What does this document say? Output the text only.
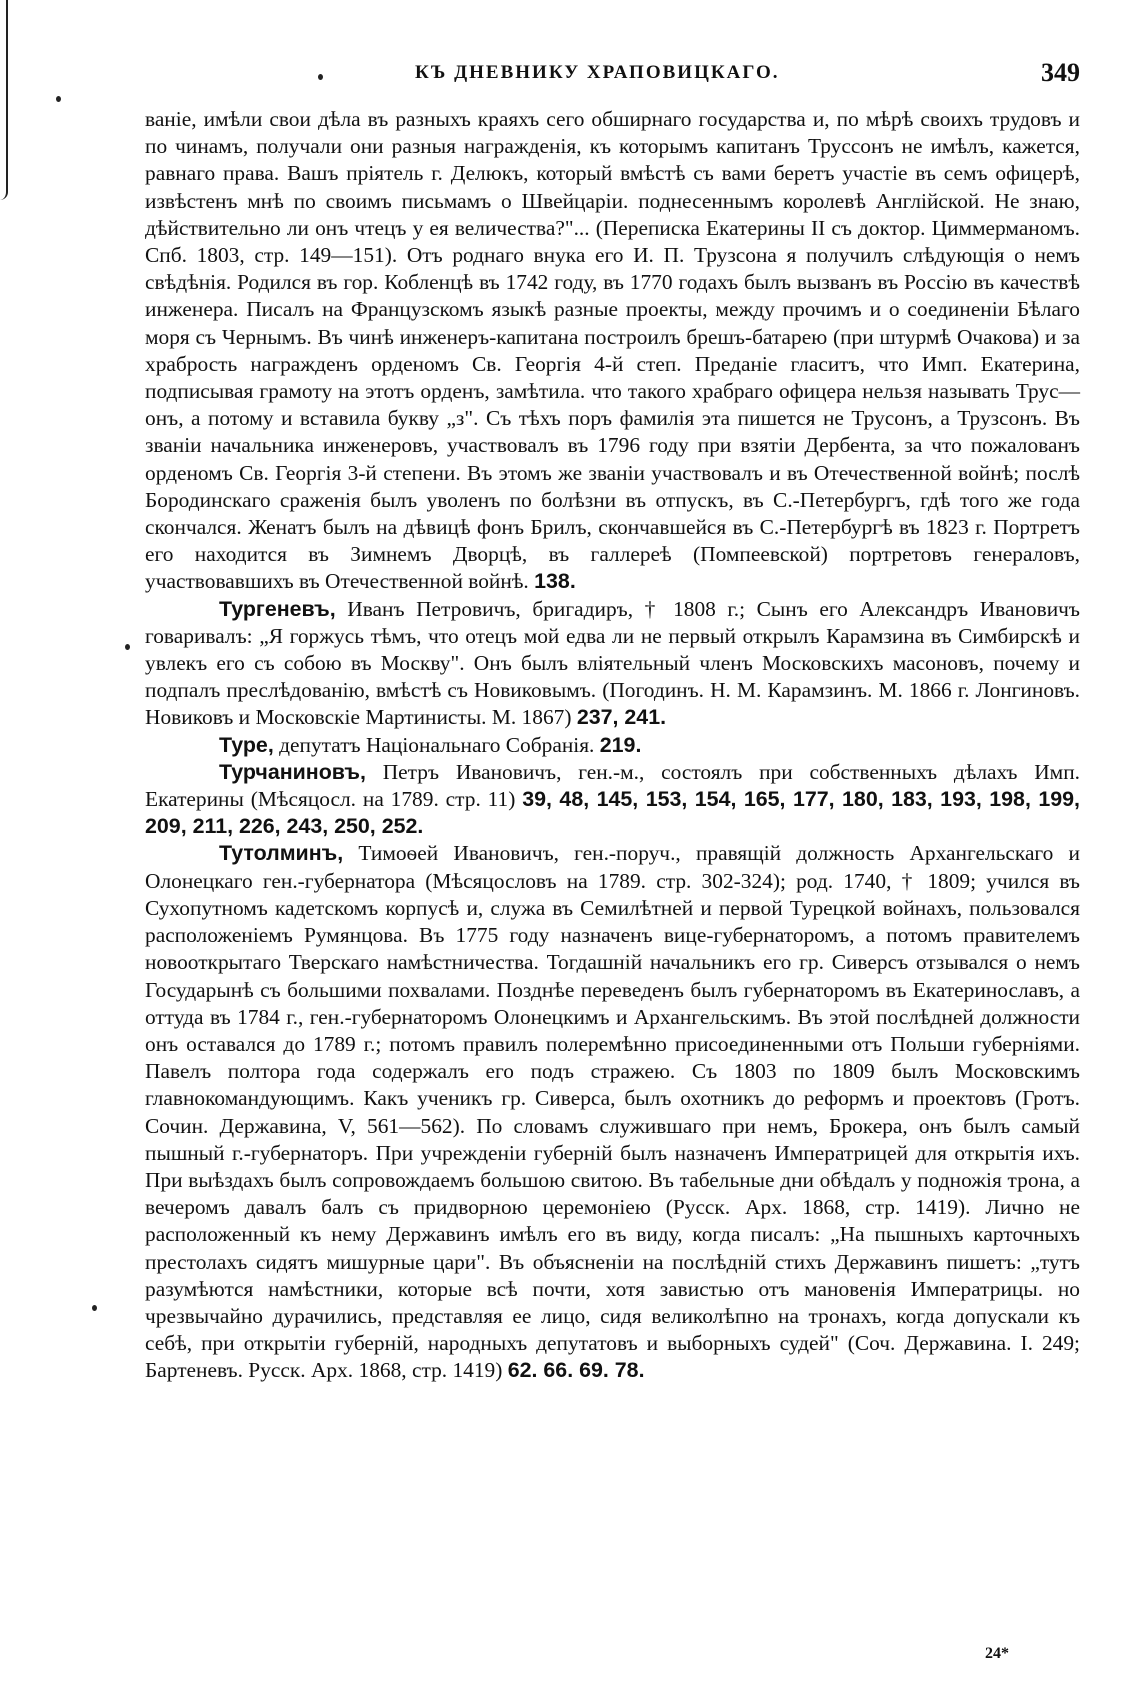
КЪ ДНЕВНИКУ ХРАПОВИЦКАГО.	349

ваніе, имѣли свои дѣла въ разныхъ краяхъ сего обширнаго государства и, по мѣрѣ своихъ трудовъ и по чинамъ, получали они разныя награжденія, къ которымъ капитанъ Труссонъ не имѣлъ, кажется, равнаго права. Вашъ пріятель г. Делюкъ, который вмѣстѣ съ вами беретъ участіе въ семъ офицерѣ, извѣстенъ мнѣ по своимъ письмамъ о Швейцаріи. поднесеннымъ королевѣ Англійской. Не знаю, дѣйствительно ли онъ чтецъ у ея величества?"... (Переписка Екатерины II съ доктор. Циммерманомъ. Спб. 1803, стр. 149—151). Отъ роднаго внука его И. П. Трузсона я получилъ слѣдующія о немъ свѣдѣнія. Родился въ гор. Кобленцѣ въ 1742 году, въ 1770 годахъ былъ вызванъ въ Россію въ качествѣ инженера. Писалъ на Французскомъ языкѣ разные проекты, между прочимъ и о соединеніи Бѣлаго моря съ Чернымъ. Въ чинѣ инженеръ-капитана построилъ брешъ-батарею (при штурмѣ Очакова) и за храбрость награжденъ орденомъ Св. Георгія 4-й степ. Преданіе гласитъ, что Имп. Екатерина, подписывая грамоту на этотъ орденъ, замѣтила. что такого храбраго офицера нельзя называть Трус—онъ, а потому и вставила букву „з". Съ тѣхъ поръ фамилія эта пишется не Трусонъ, а Трузсонъ. Въ званіи начальника инженеровъ, участвовалъ въ 1796 году при взятіи Дербента, за что пожалованъ орденомъ Св. Георгія 3-й степени. Въ этомъ же званіи участвовалъ и въ Отечественной войнѣ; послѣ Бородинскаго сраженія былъ уволенъ по болѣзни въ отпускъ, въ С.-Петербургъ, гдѣ того же года скончался. Женатъ былъ на дѣвицѣ фонъ Брилъ, скончавшейся въ С.-Петербургѣ въ 1823 г. Портретъ его находится въ Зимнемъ Дворцѣ, въ галлереѣ (Помпеевской) портретовъ генераловъ, участвовавшихъ въ Отечественной войнѣ. 138.

Тургеневъ, Иванъ Петровичъ, бригадиръ, † 1808 г.; Сынъ его Александръ Ивановичъ говаривалъ: „Я горжусь тѣмъ, что отецъ мой едва ли не первый открылъ Карамзина въ Симбирскѣ и увлекъ его съ собою въ Москву". Онъ былъ вліятельный членъ Московскихъ масоновъ, почему и подпалъ преслѣдованію, вмѣстѣ съ Новиковымъ. (Погодинъ. Н. М. Карамзинъ. М. 1866 г. Лонгиновъ. Новиковъ и Московскіе Мартинисты. М. 1867) 237, 241.

Туре, депутатъ Національнаго Собранія. 219.

Турчаниновъ, Петръ Ивановичъ, ген.-м., состоялъ при собственныхъ дѣлахъ Имп. Екатерины (Мѣсяцосл. на 1789. стр. 11) 39, 48, 145, 153, 154, 165, 177, 180, 183, 193, 198, 199, 209, 211, 226, 243, 250, 252.

Тутолминъ, Тимоѳей Ивановичъ, ген.-поруч., правящій должность Архангельскаго и Олонецкаго ген.-губернатора (Мѣсяцословъ на 1789. стр. 302-324); род. 1740, † 1809; учился въ Сухопутномъ кадетскомъ корпусѣ и, служа въ Семилѣтней и первой Турецкой войнахъ, пользовался расположеніемъ Румянцова. Въ 1775 году назначенъ вице-губернаторомъ, а потомъ правителемъ новооткрытаго Тверскаго намѣстничества. Тогдашній начальникъ его гр. Сиверсъ отзывался о немъ Государынѣ съ большими похвалами. Позднѣе переведенъ былъ губернаторомъ въ Екатеринославъ, а оттуда въ 1784 г., ген.-губернаторомъ Олонецкимъ и Архангельскимъ. Въ этой послѣдней должности онъ оставался до 1789 г.; потомъ правилъ полеремѣнно присоединенными отъ Польши губерніями. Павелъ полтора года содержалъ его подъ стражею. Съ 1803 по 1809 былъ Московскимъ главнокомандующимъ. Какъ ученикъ гр. Сиверса, былъ охотникъ до реформъ и проектовъ (Гротъ. Сочин. Державина, V, 561—562). По словамъ служившаго при немъ, Брокера, онъ былъ самый пышный г.-губернаторъ. При учрежденіи губерній былъ назначенъ Императрицей для открытія ихъ. При выѣздахъ былъ сопровождаемъ большою свитою. Въ табельные дни обѣдалъ у подножія трона, а вечеромъ давалъ балъ съ придворною церемоніею (Русск. Арх. 1868, стр. 1419). Лично не расположенный къ нему Державинъ имѣлъ его въ виду, когда писалъ: „На пышныхъ карточныхъ престолахъ сидятъ мишурные цари". Въ объясненіи на послѣдній стихъ Державинъ пишетъ: „тутъ разумѣются намѣстники, которые всѣ почти, хотя завистью отъ мановенія Императрицы. но чрезвычайно дурачились, представляя ее лицо, сидя великолѣпно на тронахъ, когда допускали къ себѣ, при открытіи губерній, народныхъ депутатовъ и выборныхъ судей" (Соч. Державина. I. 249; Бартеневъ. Русск. Арх. 1868, стр. 1419) 62. 66. 69. 78.

24*
